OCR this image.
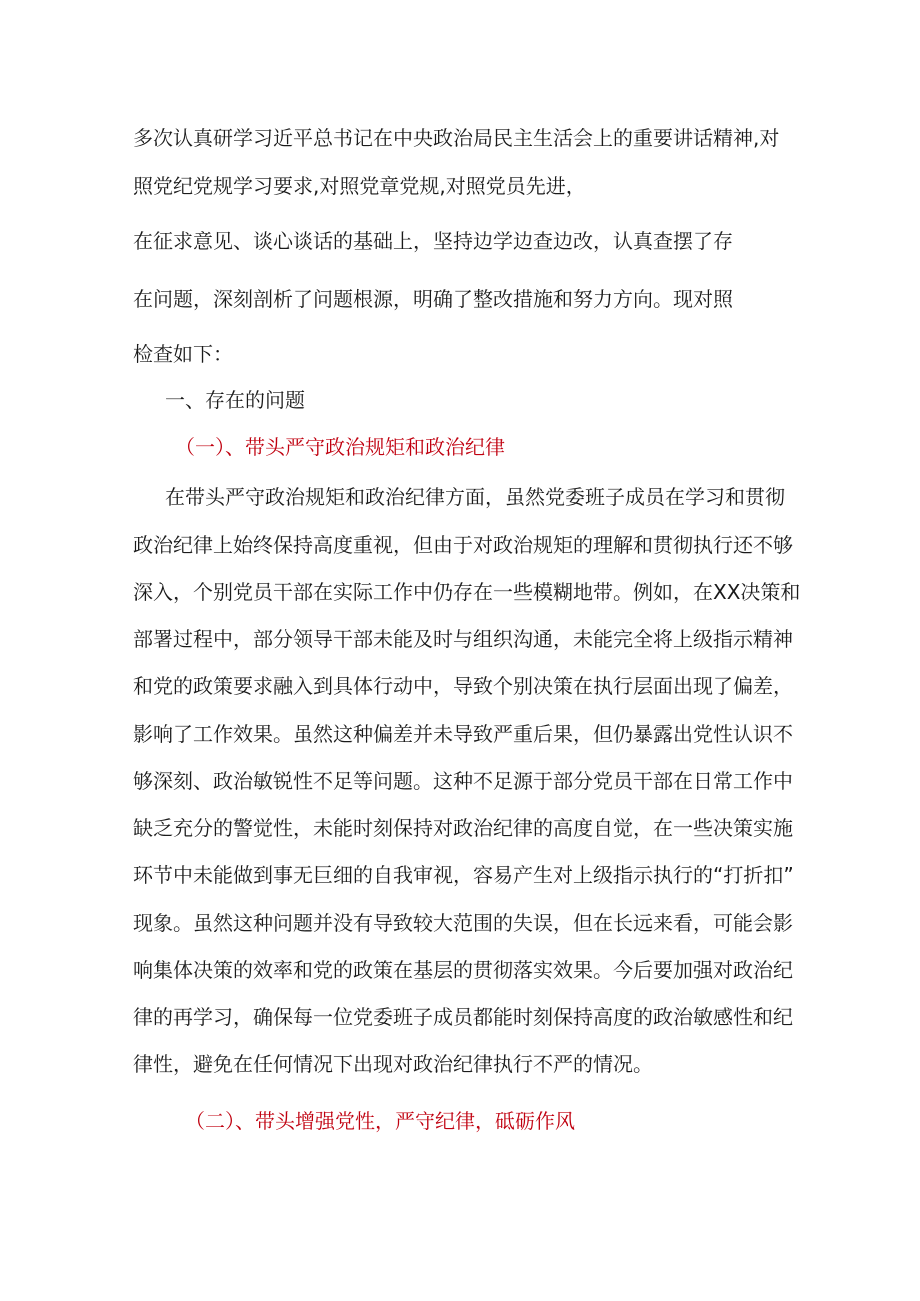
多次认真研学习近平总书记在中央政治局民主生活会上的重要讲话精神,对

照党纪党规学习要求,对照党章党规,对照党员先进，

在征求意见、谈心谈话的基础上，坚持边学边查边改，认真查摆了存

在问题，深刻剖析了问题根源，明确了整改措施和努力方向。现对照

检查如下：

一、存在的问题

（一）、带头严守政治规矩和政治纪律

在带头严守政治规矩和政治纪律方面，虽然党委班子成员在学习和贯彻

政治纪律上始终保持高度重视，但由于对政治规矩的理解和贯彻执行还不够

深入，个别党员干部在实际工作中仍存在一些模糊地带。例如，在XX决策和

部署过程中，部分领导干部未能及时与组织沟通，未能完全将上级指示精神

和党的政策要求融入到具体行动中，导致个别决策在执行层面出现了偏差，

影响了工作效果。虽然这种偏差并未导致严重后果，但仍暴露出党性认识不

够深刻、政治敏锐性不足等问题。这种不足源于部分党员干部在日常工作中

缺乏充分的警觉性，未能时刻保持对政治纪律的高度自觉，在一些决策实施

环节中未能做到事无巨细的自我审视，容易产生对上级指示执行的“打折扣”

现象。虽然这种问题并没有导致较大范围的失误，但在长远来看，可能会影

响集体决策的效率和党的政策在基层的贯彻落实效果。今后要加强对政治纪

律的再学习，确保每一位党委班子成员都能时刻保持高度的政治敏感性和纪

律性，避免在任何情况下出现对政治纪律执行不严的情况。

（二）、带头增强党性，严守纪律，砥砺作风
